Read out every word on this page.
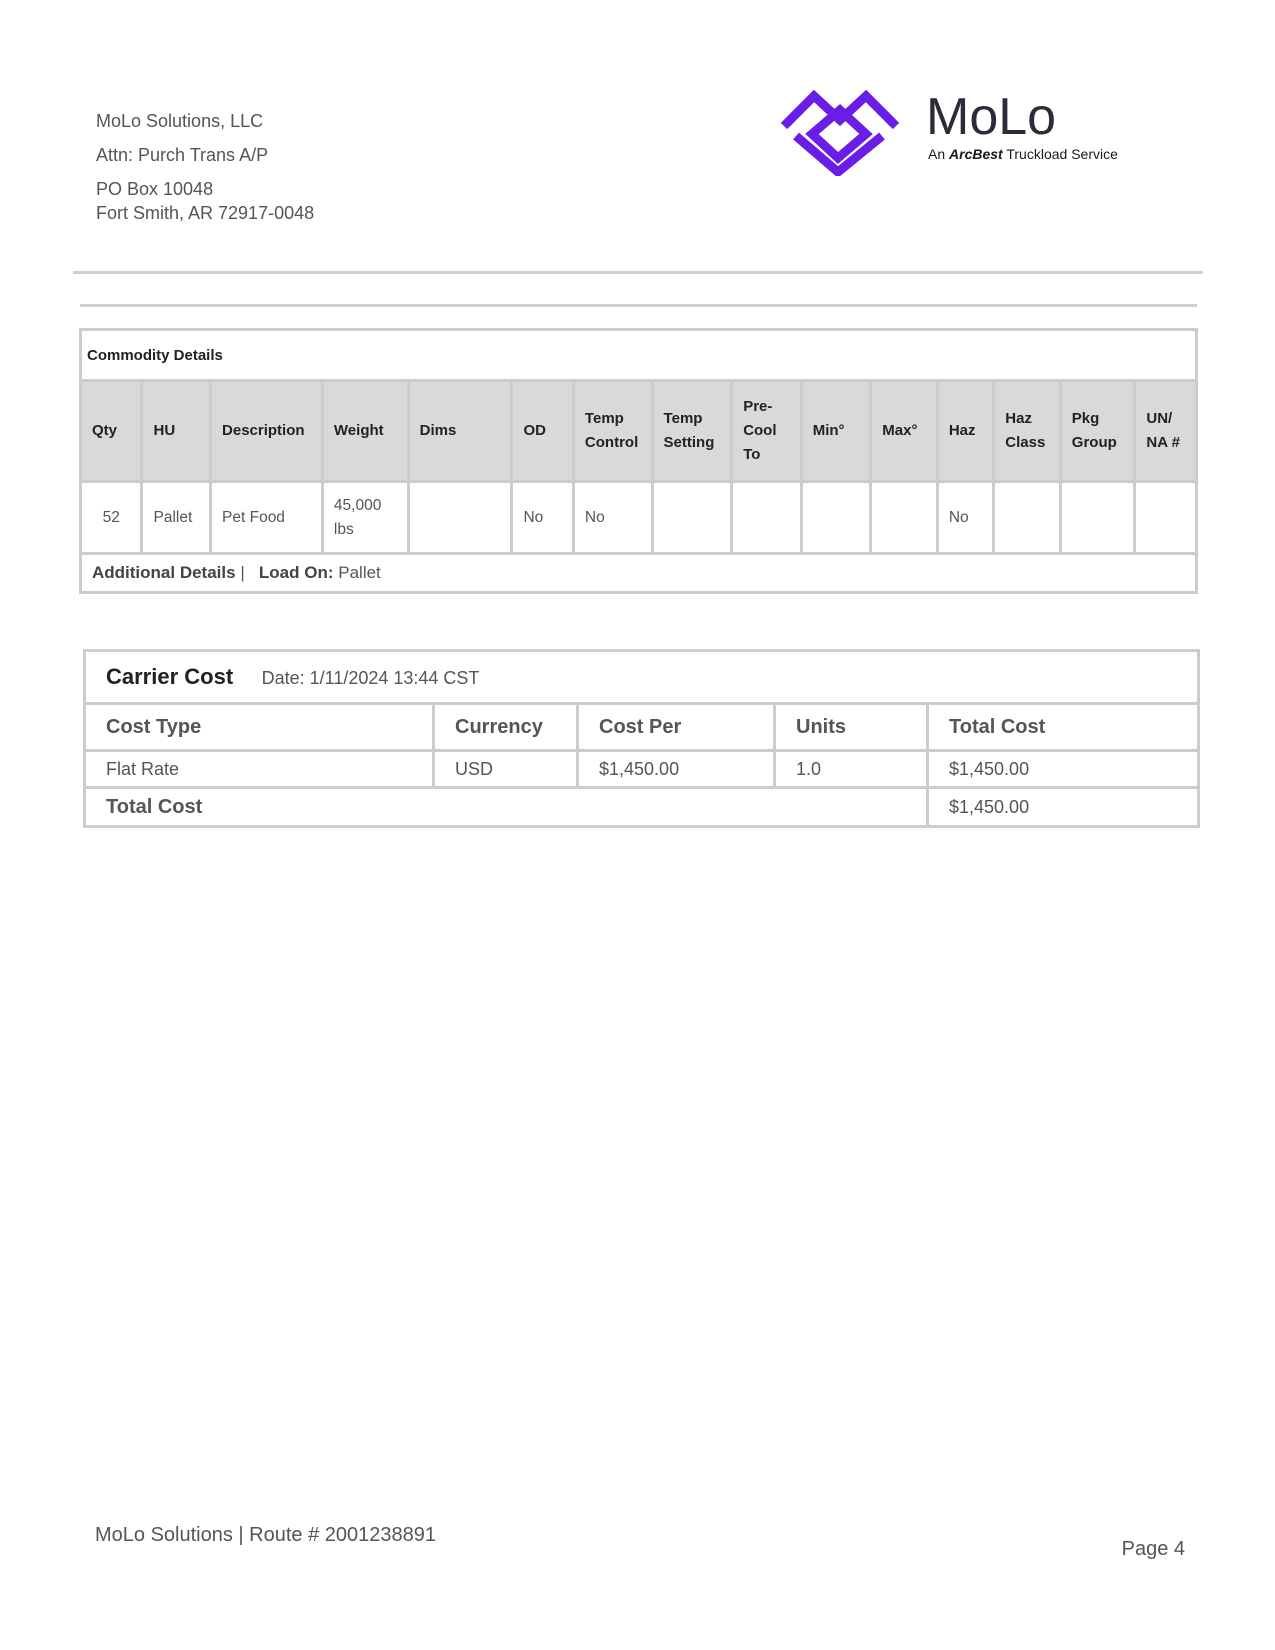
MoLo Solutions, LLC
Attn: Purch Trans A/P
PO Box 10048
Fort Smith, AR 72917-0048
MoLo
An ArcBest Truckload Service
Commodity Details														
Qty	HU	Description	Weight	Dims	OD	Temp Control	Temp Setting	Pre-Cool To	Min°	Max°	Haz	Haz Class	Pkg Group	UN/ NA #
52	Pallet	Pet Food	45,000 lbs		No	No					No			
Additional Details | Load On: Pallet														
Carrier Cost Date: 1/11/2024 13:44 CST				
Cost Type	Currency	Cost Per	Units	Total Cost
Flat Rate	USD	$1,450.00	1.0	$1,450.00
Total Cost				$1,450.00
MoLo Solutions | Route # 2001238891
Page 4
